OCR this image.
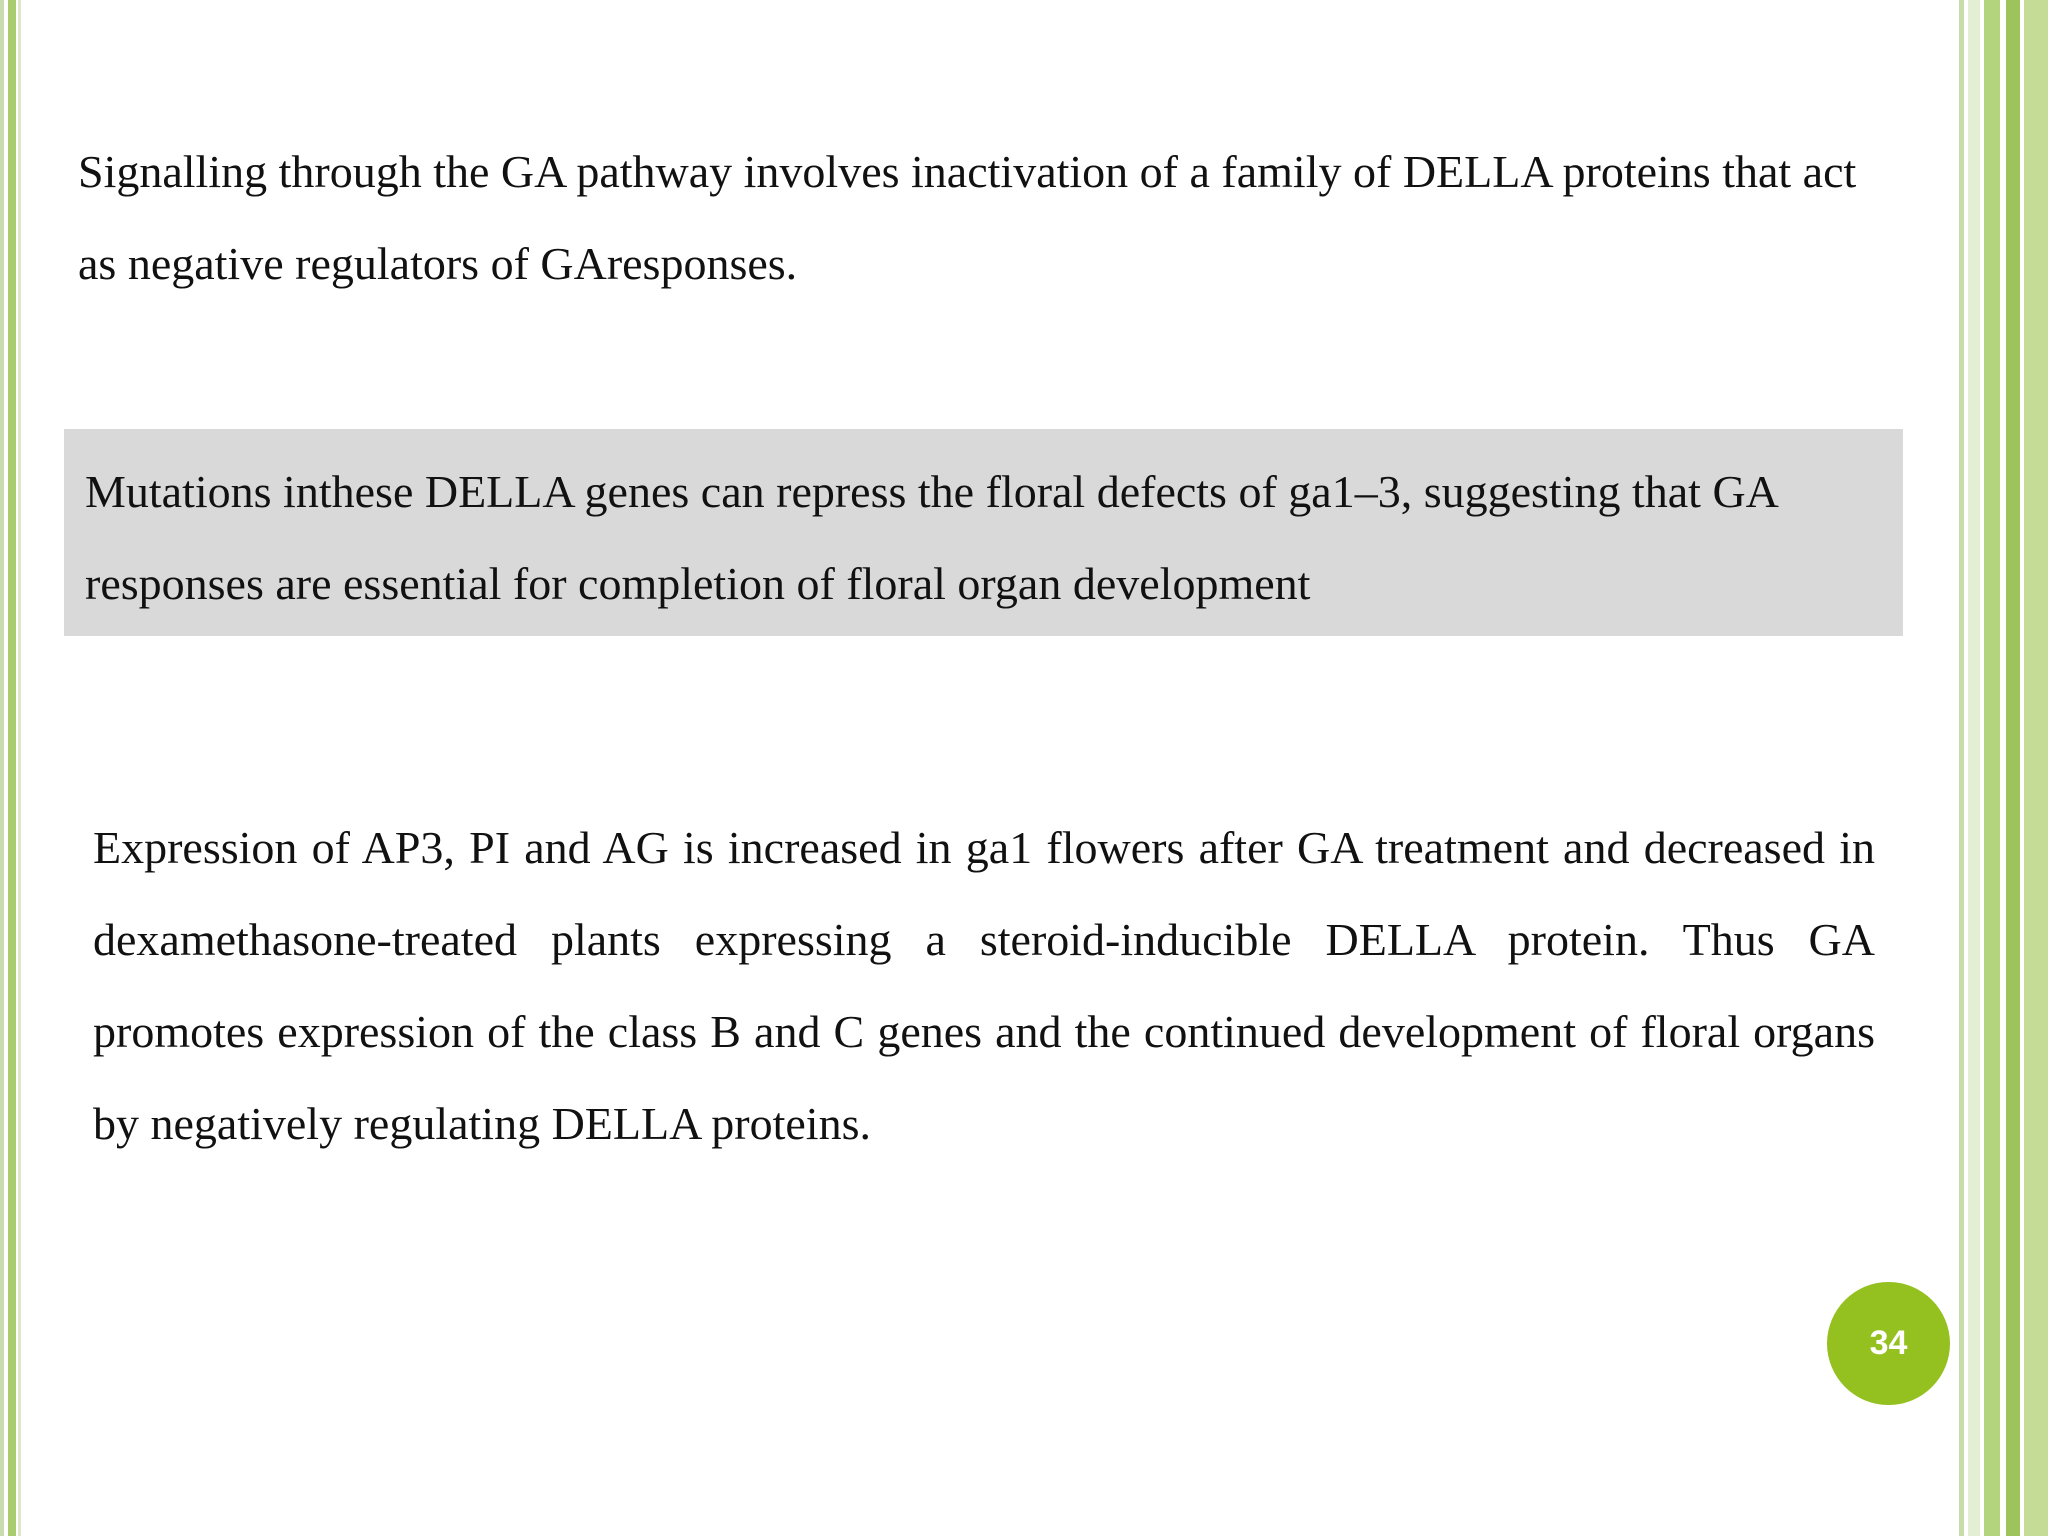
Signalling through the GA pathway involves inactivation of a family of DELLA proteins that act as negative regulators of GAresponses.

Mutations inthese DELLA genes can repress the floral defects of ga1–3, suggesting that GA responses are essential for completion of floral organ development

Expression of AP3, PI and AG is increased in ga1 flowers after GA treatment and decreased in dexamethasone-treated plants expressing a steroid-inducible DELLA protein. Thus GA promotes expression of the class B and C genes and the continued development of floral organs by negatively regulating DELLA proteins.

34
